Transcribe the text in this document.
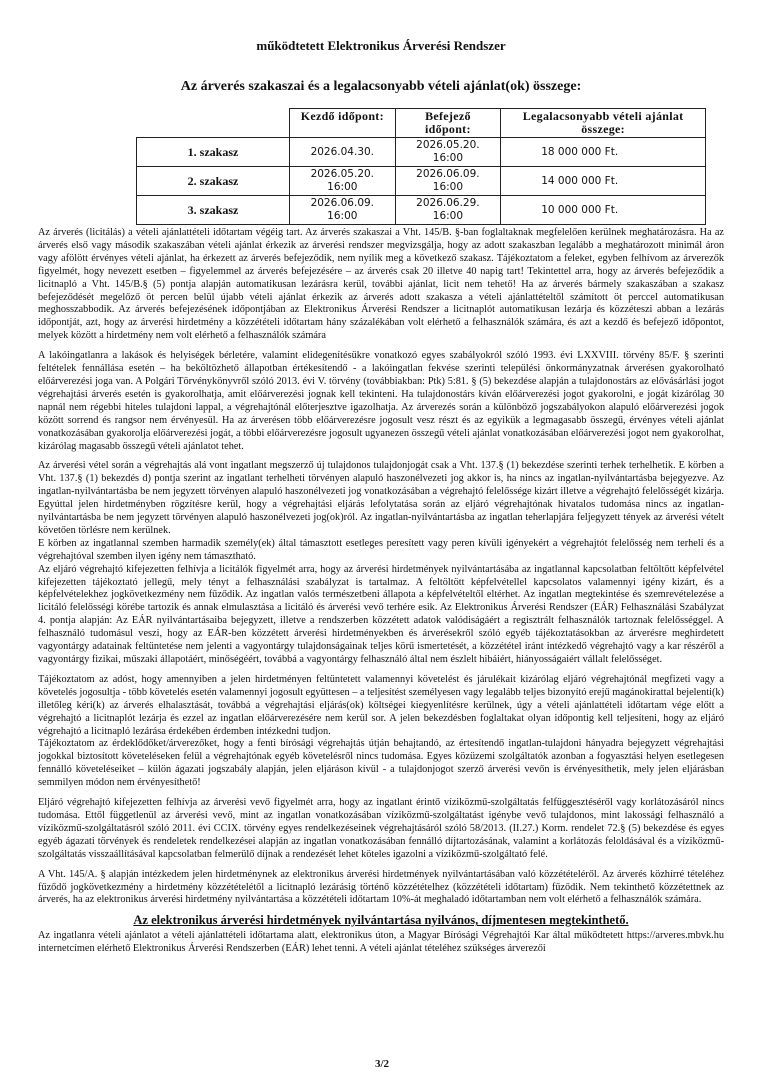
működtetett Elektronikus Árverési Rendszer
Az árverés szakaszai és a legalacsonyabb vételi ajánlat(ok) összege:
	Kezdő időpont:	Befejező időpont:	Legalacsonyabb vételi ajánlat összege:
1. szakasz	2026.04.30.	2026.05.20. 16:00	18 000 000 Ft.
2. szakasz	2026.05.20. 16:00	2026.06.09. 16:00	14 000 000 Ft.
3. szakasz	2026.06.09. 16:00	2026.06.29. 16:00	10 000 000 Ft.

Az árverés (licitálás) a vételi ajánlattételi időtartam végéig tart. Az árverés szakaszai a Vht. 145/B. §-ban foglaltaknak megfelelően kerülnek meghatározásra. Ha az árverés első vagy második szakaszában vételi ajánlat érkezik az árverési rendszer megvizsgálja, hogy az adott szakaszban legalább a meghatározott minimál áron vagy afölött érvényes vételi ajánlat, ha érkezett az árverés befejeződik, nem nyílik meg a következő szakasz. Tájékoztatom a feleket, egyben felhívom az árverezők figyelmét, hogy nevezett esetben – figyelemmel az árverés befejezésére – az árverés csak 20 illetve 40 napig tart! Tekintettel arra, hogy az árverés befejeződik a licitnapló a Vht. 145/B.§ (5) pontja alapján automatikusan lezárásra kerül, további ajánlat, licit nem tehető! Ha az árverés bármely szakaszában a szakasz befejeződését megelőző öt percen belül újabb vételi ajánlat érkezik az árverés adott szakasza a vételi ajánlattételtől számított öt perccel automatikusan meghosszabbodik. Az árverés befejezésének időpontjában az Elektronikus Árverési Rendszer a licitnaplót automatikusan lezárja és közzéteszi abban a lezárás időpontját, azt, hogy az árverési hirdetmény a közzétételi időtartam hány százalékában volt elérhető a felhasználók számára, és azt a kezdő és befejező időpontot, melyek között a hirdetmény nem volt elérhető a felhasználók számára

A lakóingatlanra a lakások és helyiségek bérletére, valamint elidegenítésükre vonatkozó egyes szabályokról szóló 1993. évi LXXVIII. törvény 85/F. § szerinti feltételek fennállása esetén – ha beköltözhető állapotban értékesítendő - a lakóingatlan fekvése szerinti települési önkormányzatnak árverésen gyakorolható előárverezési joga van. A Polgári Törvénykönyvről szóló 2013. évi V. törvény (továbbiakban: Ptk) 5:81. § (5) bekezdése alapján a tulajdonostárs az elővásárlási jogot végrehajtási árverés esetén is gyakorolhatja, amit előárverezési jognak kell tekinteni. Ha tulajdonostárs kíván előárverezési jogot gyakorolni, e jogát kizárólag 30 napnál nem régebbi hiteles tulajdoni lappal, a végrehajtónál előterjesztve igazolhatja. Az árverezés során a különböző jogszabályokon alapuló előárverezési jogok között sorrend és rangsor nem érvényesül. Ha az árverésen több előárverezésre jogosult vesz részt és az egyikük a legmagasabb összegű, érvényes vételi ajánlat vonatkozásában gyakorolja előárverezési jogát, a többi előárverezésre jogosult ugyanezen összegű vételi ajánlat vonatkozásában előárverezési jogot nem gyakorolhat, kizárólag magasabb összegű vételi ajánlatot tehet.

Az árverési vétel során a végrehajtás alá vont ingatlant megszerző új tulajdonos tulajdonjogát csak a Vht. 137.§ (1) bekezdése szerinti terhek terhelhetik. E körben a Vht. 137.§ (1) bekezdés d) pontja szerint az ingatlant terhelheti törvényen alapuló haszonélvezeti jog akkor is, ha nincs az ingatlan-nyilvántartásba bejegyezve. Az ingatlan-nyilvántartásba be nem jegyzett törvényen alapuló haszonélvezeti jog vonatkozásában a végrehajtó felelőssége kizárt illetve a végrehajtó felelősségét kizárja. Egyúttal jelen hirdetményben rögzítésre kerül, hogy a végrehajtási eljárás lefolytatása során az eljáró végrehajtónak hivatalos tudomása nincs az ingatlan-nyilvántartásba be nem jegyzett törvényen alapuló haszonélvezeti jog(ok)ról. Az ingatlan-nyilvántartásba az ingatlan teherlapjára feljegyzett tények az árverési vételt követően törlésre nem kerülnek.

E körben az ingatlannal szemben harmadik személy(ek) által támasztott esetleges peresített vagy peren kívüli igényekért a végrehajtót felelősség nem terheli és a végrehajtóval szemben ilyen igény nem támasztható.

Az eljáró végrehajtó kifejezetten felhívja a licitálók figyelmét arra, hogy az árverési hirdetmények nyilvántartásába az ingatlannal kapcsolatban feltöltött képfelvétel kifejezetten tájékoztató jellegű, mely tényt a felhasználási szabályzat is tartalmaz. A feltöltött képfelvétellel kapcsolatos valamennyi igény kizárt, és a képfelvételekhez jogkövetkezmény nem fűződik. Az ingatlan valós természetbeni állapota a képfelvételtől eltérhet. Az ingatlan megtekintése és szemrevételezése a licitáló felelősségi körébe tartozik és annak elmulasztása a licitáló és árverési vevő terhére esik. Az Elektronikus Árverési Rendszer (EÁR) Felhasználási Szabályzat 4. pontja alapján: Az EÁR nyilvántartásaiba bejegyzett, illetve a rendszerben közzétett adatok valódiságáért a regisztrált felhasználók tartoznak felelősséggel. A felhasználó tudomásul veszi, hogy az EÁR-ben közzétett árverési hirdetményekben és árverésekről szóló egyéb tájékoztatásokban az árverésre meghirdetett vagyontárgy adatainak feltüntetése nem jelenti a vagyontárgy tulajdonságainak teljes körű ismertetését, a közzététel iránt intézkedő végrehajtó vagy a kar részéről a vagyontárgy fizikai, műszaki állapotáért, minőségéért, továbbá a vagyontárgy felhasználó által nem észlelt hibáiért, hiányosságaiért vállalt felelősséget.

Tájékoztatom az adóst, hogy amennyiben a jelen hirdetményen feltüntetett valamennyi követelést és járulékait kizárólag eljáró végrehajtónál megfizeti vagy a követelés jogosultja - több követelés esetén valamennyi jogosult együttesen – a teljesítést személyesen vagy legalább teljes bizonyító erejű magánokirattal bejelenti(k) illetőleg kéri(k) az árverés elhalasztását, továbbá a végrehajtási eljárás(ok) költségei kiegyenlítésre kerülnek, úgy a vételi ajánlattételi időtartam vége előtt a végrehajtó a licitnaplót lezárja és ezzel az ingatlan előárverezésére nem kerül sor. A jelen bekezdésben foglaltakat olyan időpontig kell teljesíteni, hogy az eljáró végrehajtó a licitnapló lezárása érdekében érdemben intézkedni tudjon.

Tájékoztatom az érdeklődőket/árverezőket, hogy a fenti bírósági végrehajtás útján behajtandó, az értesítendő ingatlan-tulajdoni hányadra bejegyzett végrehajtási jogokkal biztosított követeléseken felül a végrehajtónak egyéb követelésről nincs tudomása. Egyes közüzemi szolgáltatók azonban a fogyasztási helyen esetlegesen fennálló követeléseiket – külön ágazati jogszabály alapján, jelen eljáráson kívül - a tulajdonjogot szerző árverési vevőn is érvényesíthetik, mely jelen eljárásban semmilyen módon nem érvényesíthető!

Eljáró végrehajtó kifejezetten felhívja az árverési vevő figyelmét arra, hogy az ingatlant érintő víziközmű-szolgáltatás felfüggesztéséről vagy korlátozásáról nincs tudomása. Ettől függetlenül az árverési vevő, mint az ingatlan vonatkozásában víziközmű-szolgáltatást igénybe vevő tulajdonos, mint lakossági felhasználó a víziközmű-szolgáltatásról szóló 2011. évi CCIX. törvény egyes rendelkezéseinek végrehajtásáról szóló 58/2013. (II.27.) Korm. rendelet 72.§ (5) bekezdése és egyes egyéb ágazati törvények és rendeletek rendelkezései alapján az ingatlan vonatkozásában fennálló díjtartozásának, valamint a korlátozás feloldásával és a víziközmű-szolgáltatás visszaállításával kapcsolatban felmerülő díjnak a rendezését lehet köteles igazolni a víziközmű-szolgáltató felé.

A Vht. 145/A. § alapján intézkedem jelen hirdetménynek az elektronikus árverési hirdetmények nyilvántartásában való közzétételéről. Az árverés közhírré tételéhez fűződő jogkövetkezmény a hirdetmény közzétételétől a licitnapló lezárásig történő közzétételhez (közzétételi időtartam) fűződik. Nem tekinthető közzétettnek az árverés, ha az elektronikus árverési hirdetmény nyilvántartása a közzétételi időtartam 10%-át meghaladó időtartamban nem volt elérhető a felhasználók számára.

Az elektronikus árverési hirdetmények nyilvántartása nyilvános, díjmentesen megtekinthető.
Az ingatlanra vételi ajánlatot a vételi ajánlattételi időtartama alatt, elektronikus úton, a Magyar Bírósági Végrehajtói Kar által működtetett https://arveres.mbvk.hu internetcímen elérhető Elektronikus Árverési Rendszerben (EÁR) lehet tenni. A vételi ajánlat tételéhez szükséges árverezői
3/2
